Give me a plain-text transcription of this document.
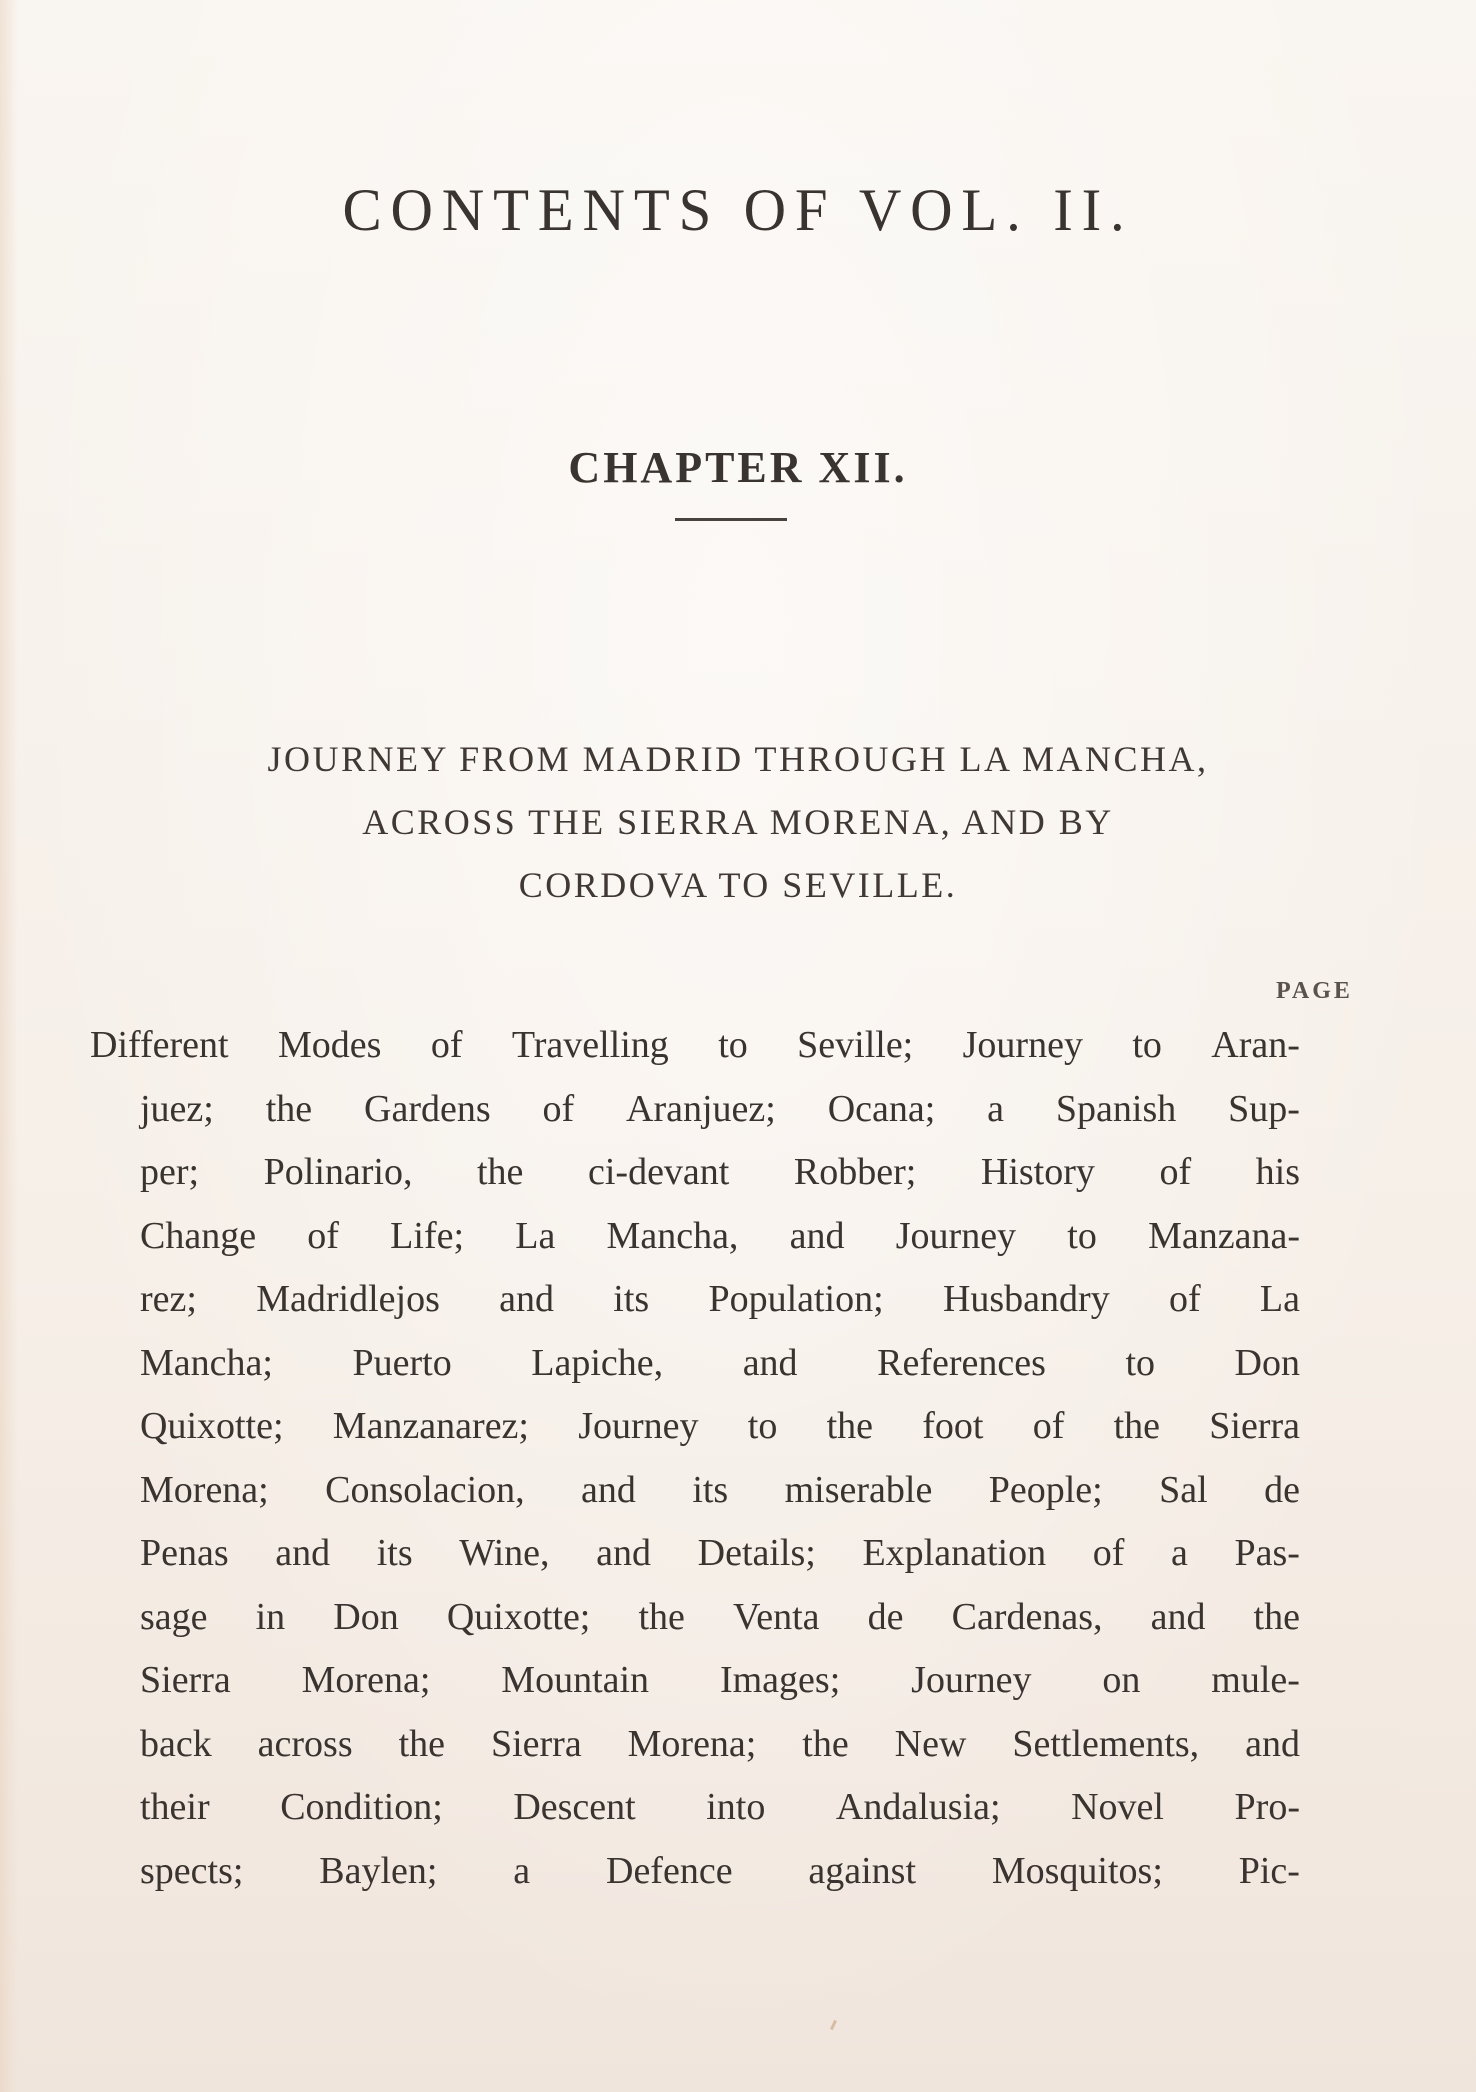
CONTENTS OF VOL. II.
CHAPTER XII.
JOURNEY FROM MADRID THROUGH LA MANCHA,
ACROSS THE SIERRA MORENA, AND BY
CORDOVA TO SEVILLE.
PAGE
Different Modes of Travelling to Seville; Journey to Aran-
juez; the Gardens of Aranjuez; Ocana; a Spanish Sup-
per; Polinario, the ci-devant Robber; History of his
Change of Life; La Mancha, and Journey to Manzana-
rez; Madridlejos and its Population; Husbandry of La
Mancha; Puerto Lapiche, and References to Don
Quixotte; Manzanarez; Journey to the foot of the Sierra
Morena; Consolacion, and its miserable People; Sal de
Penas and its Wine, and Details; Explanation of a Pas-
sage in Don Quixotte; the Venta de Cardenas, and the
Sierra Morena; Mountain Images; Journey on mule-
back across the Sierra Morena; the New Settlements, and
their Condition; Descent into Andalusia; Novel Pro-
spects; Baylen; a Defence against Mosquitos; Pic-
